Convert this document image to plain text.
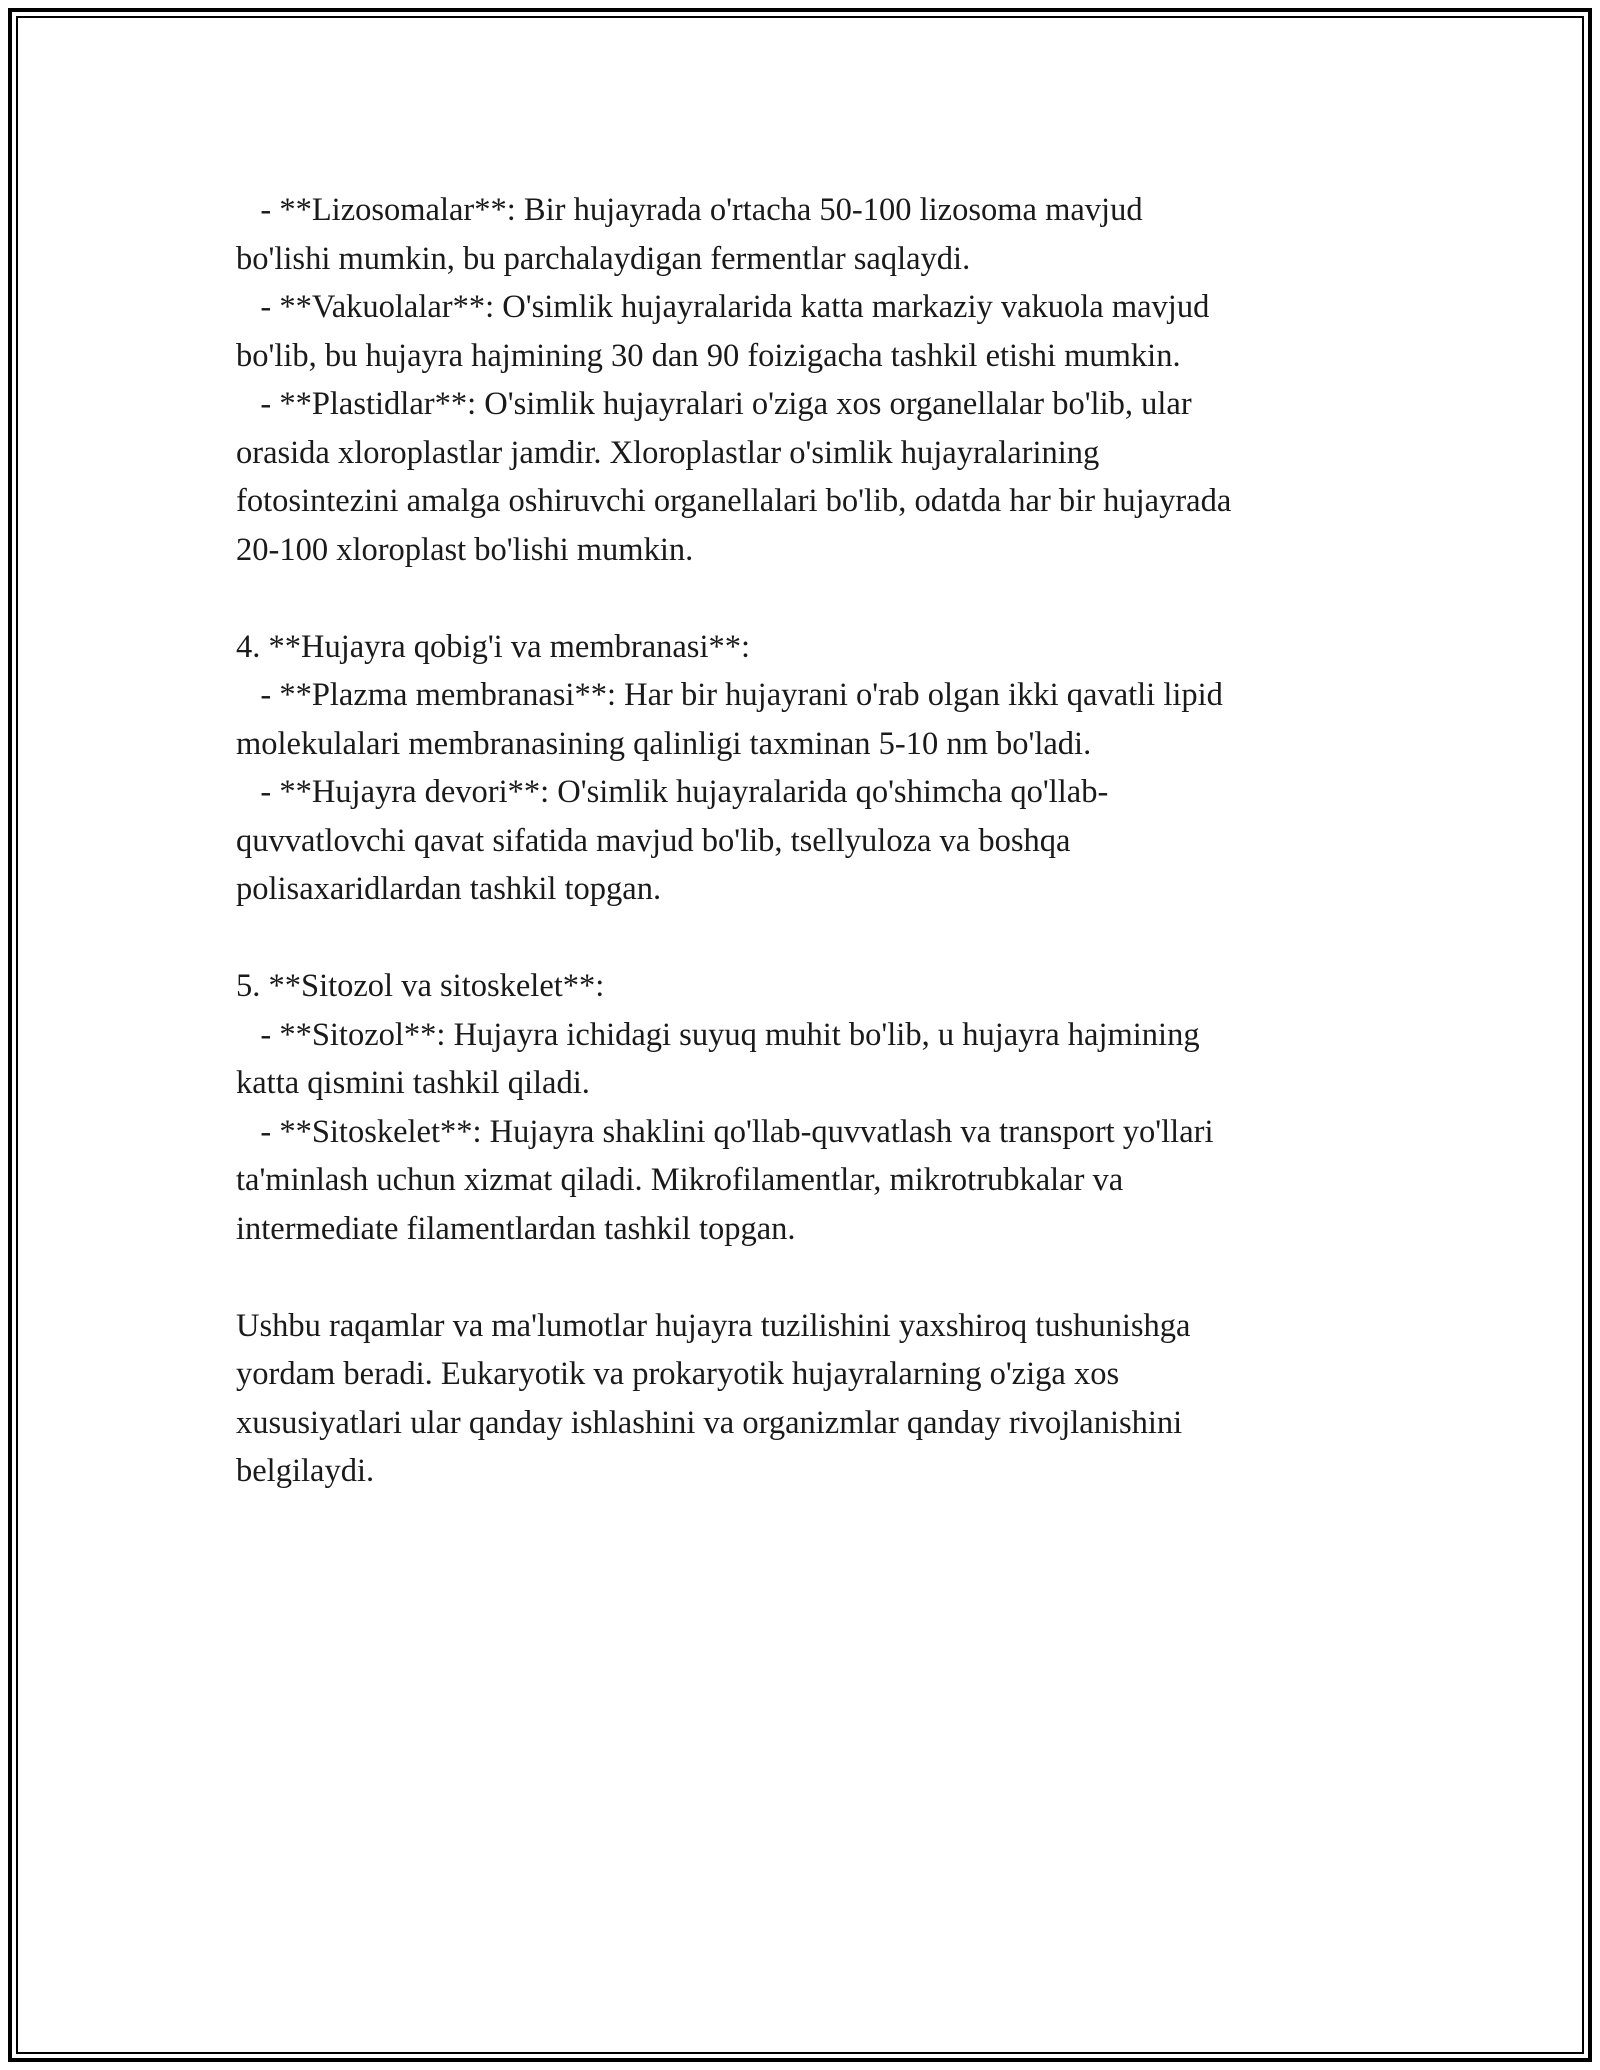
- **Lizosomalar**: Bir hujayrada o'rtacha 50-100 lizosoma mavjud
bo'lishi mumkin, bu parchalaydigan fermentlar saqlaydi.
- **Vakuolalar**: O'simlik hujayralarida katta markaziy vakuola mavjud
bo'lib, bu hujayra hajmining 30 dan 90 foizigacha tashkil etishi mumkin.
- **Plastidlar**: O'simlik hujayralari o'ziga xos organellalar bo'lib, ular
orasida xloroplastlar jamdir. Xloroplastlar o'simlik hujayralarining
fotosintezini amalga oshiruvchi organellalari bo'lib, odatda har bir hujayrada
20-100 xloroplast bo'lishi mumkin.
4. **Hujayra qobig'i va membranasi**:
- **Plazma membranasi**: Har bir hujayrani o'rab olgan ikki qavatli lipid
molekulalari membranasining qalinligi taxminan 5-10 nm bo'ladi.
- **Hujayra devori**: O'simlik hujayralarida qo'shimcha qo'llab-
quvvatlovchi qavat sifatida mavjud bo'lib, tsellyuloza va boshqa
polisaxaridlardan tashkil topgan.
5. **Sitozol va sitoskelet**:
- **Sitozol**: Hujayra ichidagi suyuq muhit bo'lib, u hujayra hajmining
katta qismini tashkil qiladi.
- **Sitoskelet**: Hujayra shaklini qo'llab-quvvatlash va transport yo'llari
ta'minlash uchun xizmat qiladi. Mikrofilamentlar, mikrotrubkalar va
intermediate filamentlardan tashkil topgan.
Ushbu raqamlar va ma'lumotlar hujayra tuzilishini yaxshiroq tushunishga
yordam beradi. Eukaryotik va prokaryotik hujayralarning o'ziga xos
xususiyatlari ular qanday ishlashini va organizmlar qanday rivojlanishini
belgilaydi.
